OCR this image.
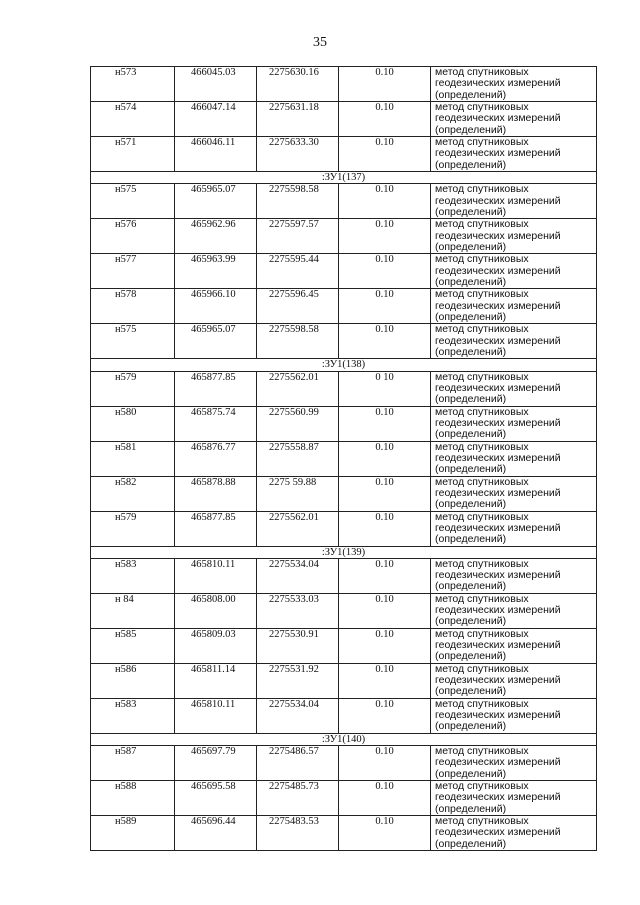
35
н573	466045.03	2275630.16	0.10	метод спутниковых геодезических измерений (определений)
н574	466047.14	2275631.18	0.10	метод спутниковых геодезических измерений (определений)
н571	466046.11	2275633.30	0.10	метод спутниковых геодезических измерений (определений)
:ЗУ1(137)				
н575	465965.07	2275598.58	0.10	метод спутниковых геодезических измерений (определений)
н576	465962.96	2275597.57	0.10	метод спутниковых геодезических измерений (определений)
н577	465963.99	2275595.44	0.10	метод спутниковых геодезических измерений (определений)
н578	465966.10	2275596.45	0.10	метод спутниковых геодезических измерений (определений)
н575	465965.07	2275598.58	0.10	метод спутниковых геодезических измерений (определений)
:ЗУ1(138)				
н579	465877.85	2275562.01	0 10	метод спутниковых геодезических измерений (определений)
н580	465875.74	2275560.99	0.10	метод спутниковых геодезических измерений (определений)
н581	465876.77	2275558.87	0.10	метод спутниковых геодезических измерений (определений)
н582	465878.88	2275 59.88	0.10	метод спутниковых геодезических измерений (определений)
н579	465877.85	2275562.01	0.10	метод спутниковых геодезических измерений (определений)
:ЗУ1(139)				
н583	465810.11	2275534.04	0.10	метод спутниковых геодезических измерений (определений)
н 84	465808.00	2275533.03	0.10	метод спутниковых геодезических измерений (определений)
н585	465809.03	2275530.91	0.10	метод спутниковых геодезических измерений (определений)
н586	465811.14	2275531.92	0.10	метод спутниковых геодезических измерений (определений)
н583	465810.11	2275534.04	0.10	метод спутниковых геодезических измерений (определений)
:ЗУ1(140)				
н587	465697.79	2275486.57	0.10	метод спутниковых геодезических измерений (определений)
н588	465695.58	2275485.73	0.10	метод спутниковых геодезических измерений (определений)
н589	465696.44	2275483.53	0.10	метод спутниковых геодезических измерений (определений)
